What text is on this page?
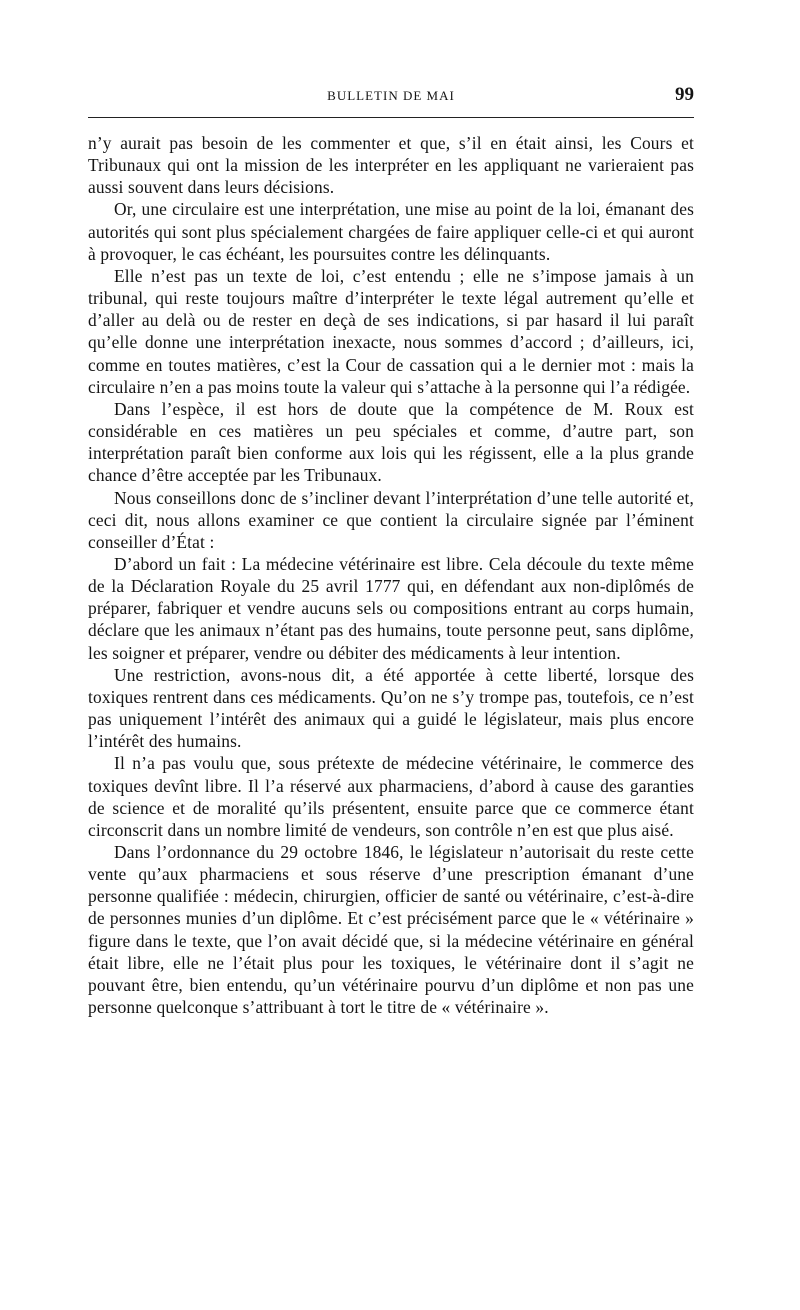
BULLETIN DE MAI	99

n’y aurait pas besoin de les commenter et que, s’il en était ainsi, les Cours et Tribunaux qui ont la mission de les interpréter en les appliquant ne varieraient pas aussi souvent dans leurs décisions.

Or, une circulaire est une interprétation, une mise au point de la loi, émanant des autorités qui sont plus spécialement chargées de faire appliquer celle-ci et qui auront à provoquer, le cas échéant, les poursuites contre les délinquants.

Elle n’est pas un texte de loi, c’est entendu ; elle ne s’impose jamais à un tribunal, qui reste toujours maître d’interpréter le texte légal autrement qu’elle et d’aller au delà ou de rester en deçà de ses indications, si par hasard il lui paraît qu’elle donne une interprétation inexacte, nous sommes d’accord ; d’ailleurs, ici, comme en toutes matières, c’est la Cour de cassation qui a le dernier mot : mais la circulaire n’en a pas moins toute la valeur qui s’attache à la personne qui l’a rédigée.

Dans l’espèce, il est hors de doute que la compétence de M. Roux est considérable en ces matières un peu spéciales et comme, d’autre part, son interprétation paraît bien conforme aux lois qui les régissent, elle a la plus grande chance d’être acceptée par les Tribunaux.

Nous conseillons donc de s’incliner devant l’interprétation d’une telle autorité et, ceci dit, nous allons examiner ce que contient la circulaire signée par l’éminent conseiller d’État :

D’abord un fait : La médecine vétérinaire est libre. Cela découle du texte même de la Déclaration Royale du 25 avril 1777 qui, en défendant aux non-diplômés de préparer, fabriquer et vendre aucuns sels ou compositions entrant au corps humain, déclare que les animaux n’étant pas des humains, toute personne peut, sans diplôme, les soigner et préparer, vendre ou débiter des médicaments à leur intention.

Une restriction, avons-nous dit, a été apportée à cette liberté, lorsque des toxiques rentrent dans ces médicaments. Qu’on ne s’y trompe pas, toutefois, ce n’est pas uniquement l’intérêt des animaux qui a guidé le législateur, mais plus encore l’intérêt des humains.

Il n’a pas voulu que, sous prétexte de médecine vétérinaire, le commerce des toxiques devînt libre. Il l’a réservé aux pharmaciens, d’abord à cause des garanties de science et de moralité qu’ils présentent, ensuite parce que ce commerce étant circonscrit dans un nombre limité de vendeurs, son contrôle n’en est que plus aisé.

Dans l’ordonnance du 29 octobre 1846, le législateur n’autorisait du reste cette vente qu’aux pharmaciens et sous réserve d’une prescription émanant d’une personne qualifiée : médecin, chirurgien, officier de santé ou vétérinaire, c’est-à-dire de personnes munies d’un diplôme. Et c’est précisément parce que le « vétérinaire » figure dans le texte, que l’on avait décidé que, si la médecine vétérinaire en général était libre, elle ne l’était plus pour les toxiques, le vétérinaire dont il s’agit ne pouvant être, bien entendu, qu’un vétérinaire pourvu d’un diplôme et non pas une personne quelconque s’attribuant à tort le titre de « vétérinaire ».
